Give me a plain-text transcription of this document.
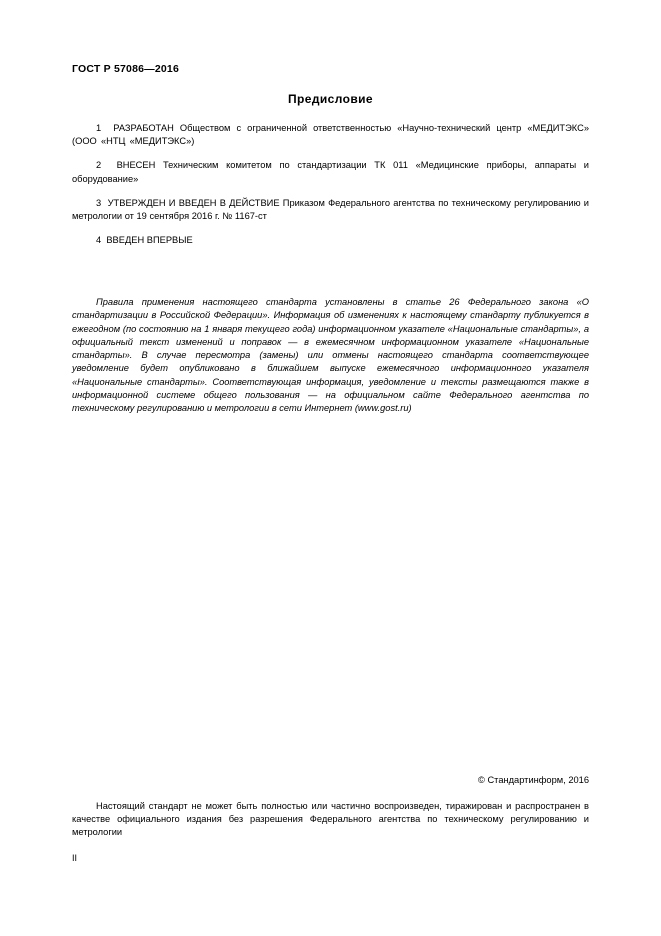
ГОСТ Р 57086—2016
Предисловие
1 РАЗРАБОТАН Обществом с ограниченной ответственностью «Научно-технический центр «МЕДИТЭКС» (ООО «НТЦ «МЕДИТЭКС»)
2 ВНЕСЕН Техническим комитетом по стандартизации ТК 011 «Медицинские приборы, аппараты и оборудование»
3 УТВЕРЖДЕН И ВВЕДЕН В ДЕЙСТВИЕ Приказом Федерального агентства по техническому регулированию и метрологии от 19 сентября 2016 г. № 1167-ст
4 ВВЕДЕН ВПЕРВЫЕ
Правила применения настоящего стандарта установлены в статье 26 Федерального закона «О стандартизации в Российской Федерации». Информация об изменениях к настоящему стандарту публикуется в ежегодном (по состоянию на 1 января текущего года) информационном указателе «Национальные стандарты», а официальный текст изменений и поправок — в ежемесячном информационном указателе «Национальные стандарты». В случае пересмотра (замены) или отмены настоящего стандарта соответствующее уведомление будет опубликовано в ближайшем выпуске ежемесячного информационного указателя «Национальные стандарты». Соответствующая информация, уведомление и тексты размещаются также в информационной системе общего пользования — на официальном сайте Федерального агентства по техническому регулированию и метрологии в сети Интернет (www.gost.ru)
© Стандартинформ, 2016
Настоящий стандарт не может быть полностью или частично воспроизведен, тиражирован и распространен в качестве официального издания без разрешения Федерального агентства по техническому регулированию и метрологии
II
